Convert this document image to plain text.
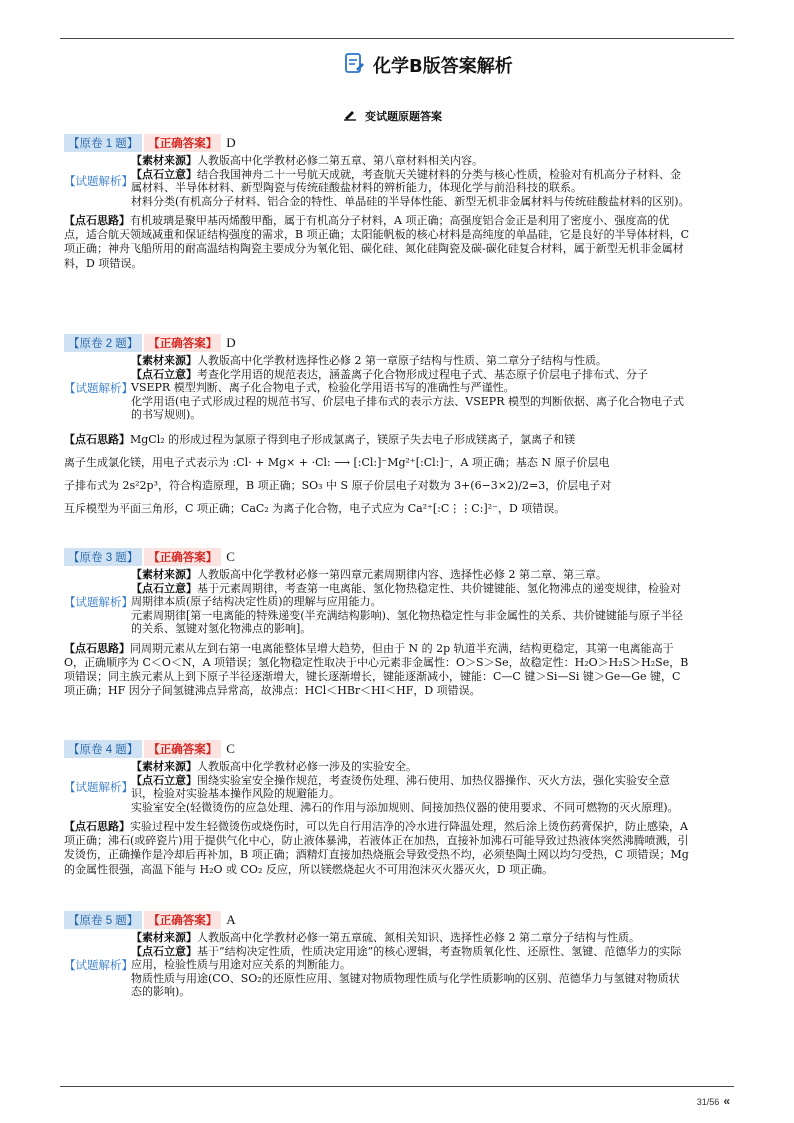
化学B版答案解析
变试题原题答案
【原卷 1 题】 【正确答案】 D
【试题解析】
【素材来源】人教版高中化学教材必修二第五章、第八章材料相关内容。
【点石立意】结合我国神舟二十一号航天成就，考查航天关键材料的分类与核心性质，检验对有机高分子材料、金属材料、半导体材料、新型陶瓷与传统硅酸盐材料的辨析能力，体现化学与前沿科技的联系。
材料分类(有机高分子材料、铝合金的特性、单晶硅的半导体性能、新型无机非金属材料与传统硅酸盐材料的区别)。
【点石思路】有机玻璃是聚甲基丙烯酸甲酯，属于有机高分子材料，A 项正确；高强度铝合金正是利用了密度小、强度高的优点，适合航天领域减重和保证结构强度的需求，B 项正确；太阳能帆板的核心材料是高纯度的单晶硅，它是良好的半导体材料，C 项正确；神舟飞船所用的耐高温结构陶瓷主要成分为氧化铝、碳化硅、氮化硅陶瓷及碳-碳化硅复合材料，属于新型无机非金属材料，D 项错误。
【原卷 2 题】 【正确答案】 D
【试题解析】
【素材来源】人教版高中化学教材选择性必修 2 第一章原子结构与性质、第二章分子结构与性质。
【点石立意】考查化学用语的规范表达，涵盖离子化合物形成过程电子式、基态原子价层电子排布式、分子 VSEPR 模型判断、离子化合物电子式，检验化学用语书写的准确性与严谨性。
化学用语(电子式形成过程的规范书写、价层电子排布式的表示方法、VSEPR 模型的判断依据、离子化合物电子式的书写规则)。
【点石思路】MgCl₂ 的形成过程为氯原子得到电子形成氯离子，镁原子失去电子形成镁离子，氯离子和镁
离子生成氯化镁，用电子式表示为 :Cl· + Mg× + ·Cl: ⟶ [:Cl:]⁻Mg²⁺[:Cl:]⁻，A 项正确；基态 N 原子价层电
子排布式为 2s²2p³，符合构造原理，B 项正确；SO₃ 中 S 原子价层电子对数为 3+(6−3×2)/2=3，价层电子对
互斥模型为平面三角形，C 项正确；CaC₂ 为离子化合物，电子式应为 Ca²⁺[:C⋮⋮C:]²⁻，D 项错误。
【原卷 3 题】 【正确答案】 C
【试题解析】
【素材来源】人教版高中化学教材必修一第四章元素周期律内容、选择性必修 2 第二章、第三章。
【点石立意】基于元素周期律，考查第一电离能、氢化物热稳定性、共价键键能、氢化物沸点的递变规律，检验对周期律本质(原子结构决定性质)的理解与应用能力。
元素周期律[第一电离能的特殊递变(半充满结构影响)、氢化物热稳定性与非金属性的关系、共价键键能与原子半径的关系、氢键对氢化物沸点的影响]。
【点石思路】同周期元素从左到右第一电离能整体呈增大趋势，但由于 N 的 2p 轨道半充满，结构更稳定，其第一电离能高于 O，正确顺序为 C＜O＜N，A 项错误；氢化物稳定性取决于中心元素非金属性：O＞S＞Se，故稳定性：H₂O＞H₂S＞H₂Se，B 项错误；同主族元素从上到下原子半径逐渐增大，键长逐渐增长，键能逐渐减小，键能：C—C 键＞Si—Si 键＞Ge—Ge 键，C 项正确；HF 因分子间氢键沸点异常高，故沸点：HCl＜HBr＜HI＜HF，D 项错误。
【原卷 4 题】 【正确答案】 C
【试题解析】
【素材来源】人教版高中化学教材必修一涉及的实验安全。
【点石立意】围绕实验室安全操作规范，考查烫伤处理、沸石使用、加热仪器操作、灭火方法，强化实验安全意识，检验对实验基本操作风险的规避能力。
实验室安全(轻微烫伤的应急处理、沸石的作用与添加规则、间接加热仪器的使用要求、不同可燃物的灭火原理)。
【点石思路】实验过程中发生轻微烫伤或烧伤时，可以先自行用洁净的冷水进行降温处理，然后涂上烫伤药膏保护，防止感染，A 项正确；沸石(或碎瓷片)用于提供气化中心，防止液体暴沸，若液体正在加热，直接补加沸石可能导致过热液体突然沸腾喷溅，引发烫伤，正确操作是冷却后再补加，B 项正确；酒精灯直接加热烧瓶会导致受热不均，必须垫陶土网以均匀受热，C 项错误；Mg 的金属性很强，高温下能与 H₂O 或 CO₂ 反应，所以镁燃烧起火不可用泡沫灭火器灭火，D 项正确。
【原卷 5 题】 【正确答案】 A
【试题解析】
【素材来源】人教版高中化学教材必修一第五章硫、氮相关知识、选择性必修 2 第二章分子结构与性质。
【点石立意】基于“结构决定性质，性质决定用途”的核心逻辑，考查物质氧化性、还原性、氢键、范德华力的实际应用，检验性质与用途对应关系的判断能力。
物质性质与用途(CO、SO₂的还原性应用、氢键对物质物理性质与化学性质影响的区别、范德华力与氢键对物质状态的影响)。
31/56 «
